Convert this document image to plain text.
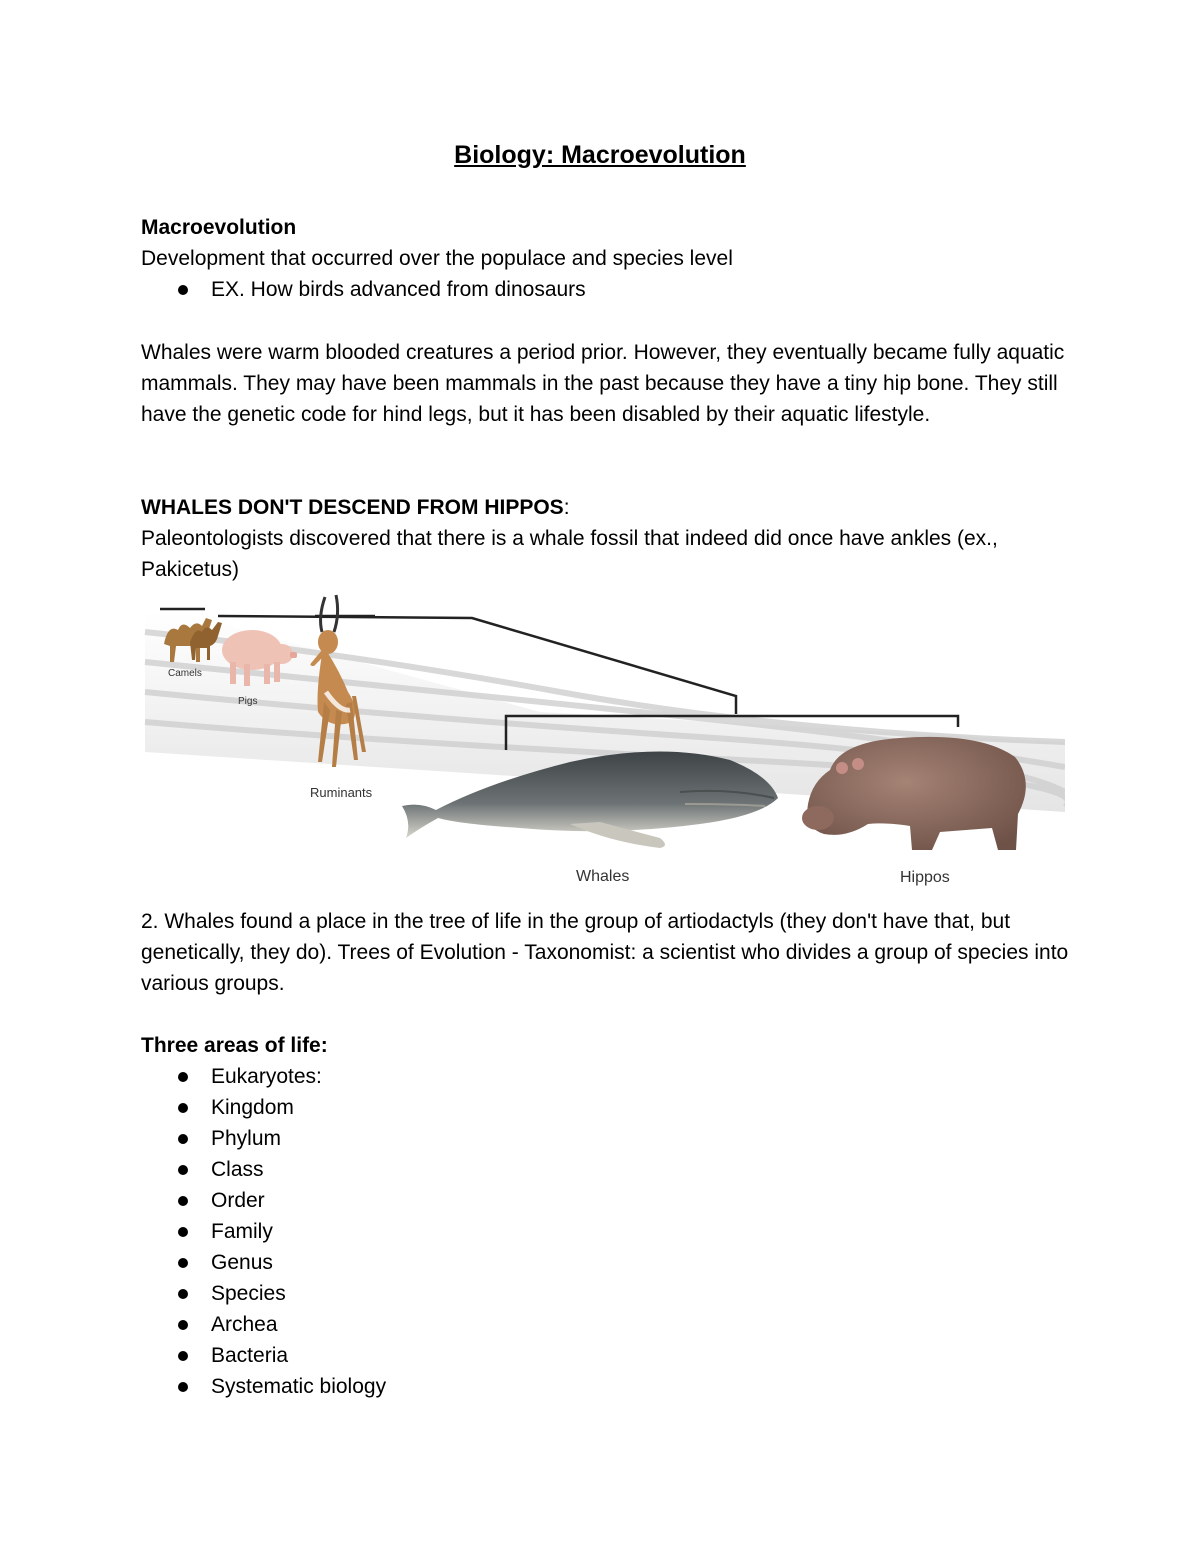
Biology: Macroevolution
Macroevolution
Development that occurred over the populace and species level
EX. How birds advanced from dinosaurs
Whales were warm blooded creatures a period prior. However, they eventually became fully aquatic mammals. They may have been mammals in the past because they have a tiny hip bone. They still have the genetic code for hind legs, but it has been disabled by their aquatic lifestyle.
WHALES DON'T DESCEND FROM HIPPOS:
Paleontologists discovered that there is a whale fossil that indeed did once have ankles (ex., Pakicetus)
Camels
Pigs
Ruminants
Whales	Hippos
2. Whales found a place in the tree of life in the group of artiodactyls (they don't have that, but genetically, they do). Trees of Evolution - Taxonomist: a scientist who divides a group of species into various groups.
Three areas of life:
Eukaryotes:
Kingdom
Phylum
Class
Order
Family
Genus
Species
Archea
Bacteria
Systematic biology
